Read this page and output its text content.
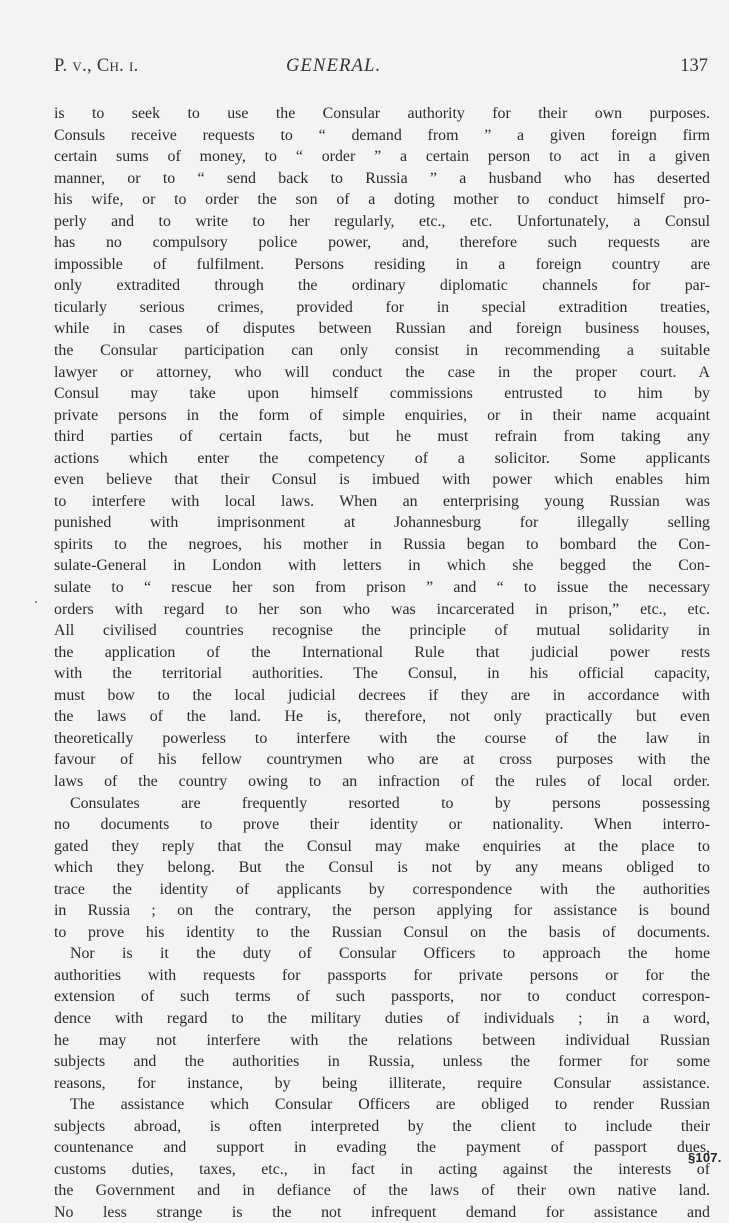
P. v., Ch. i.	GENERAL.	137
is to seek to use the Consular authority for their own purposes.
Consuls receive requests to “ demand from ” a given foreign firm
certain sums of money, to “ order ” a certain person to act in a given
manner, or to “ send back to Russia ” a husband who has deserted
his wife, or to order the son of a doting mother to conduct himself pro-
perly and to write to her regularly, etc., etc. Unfortunately, a Consul
has no compulsory police power, and, therefore such requests are
impossible of fulfilment. Persons residing in a foreign country are
only extradited through the ordinary diplomatic channels for par-
ticularly serious crimes, provided for in special extradition treaties,
while in cases of disputes between Russian and foreign business houses,
the Consular participation can only consist in recommending a suitable
lawyer or attorney, who will conduct the case in the proper court. A
Consul may take upon himself commissions entrusted to him by
private persons in the form of simple enquiries, or in their name acquaint
third parties of certain facts, but he must refrain from taking any
actions which enter the competency of a solicitor. Some applicants
even believe that their Consul is imbued with power which enables him
to interfere with local laws. When an enterprising young Russian was
punished with imprisonment at Johannesburg for illegally selling
spirits to the negroes, his mother in Russia began to bombard the Con-
sulate-General in London with letters in which she begged the Con-
sulate to “ rescue her son from prison ” and “ to issue the necessary
orders with regard to her son who was incarcerated in prison,” etc., etc.
All civilised countries recognise the principle of mutual solidarity in
the application of the International Rule that judicial power rests
with the territorial authorities. The Consul, in his official capacity,
must bow to the local judicial decrees if they are in accordance with
the laws of the land. He is, therefore, not only practically but even
theoretically powerless to interfere with the course of the law in
favour of his fellow countrymen who are at cross purposes with the
laws of the country owing to an infraction of the rules of local order.
Consulates are frequently resorted to by persons possessing
no documents to prove their identity or nationality. When interro-
gated they reply that the Consul may make enquiries at the place to
which they belong. But the Consul is not by any means obliged to
trace the identity of applicants by correspondence with the authorities
in Russia ; on the contrary, the person applying for assistance is bound
to prove his identity to the Russian Consul on the basis of documents.
Nor is it the duty of Consular Officers to approach the home
authorities with requests for passports for private persons or for the
extension of such terms of such passports, nor to conduct correspon-
dence with regard to the military duties of individuals ; in a word,
he may not interfere with the relations between individual Russian
subjects and the authorities in Russia, unless the former for some
reasons, for instance, by being illiterate, require Consular assistance.
The assistance which Consular Officers are obliged to render Russian
subjects abroad, is often interpreted by the client to include their
countenance and support in evading the payment of passport dues,
customs duties, taxes, etc., in fact in acting against the interests of
the Government and in defiance of the laws of their own native land.
No less strange is the not infrequent demand for assistance and
§107.
